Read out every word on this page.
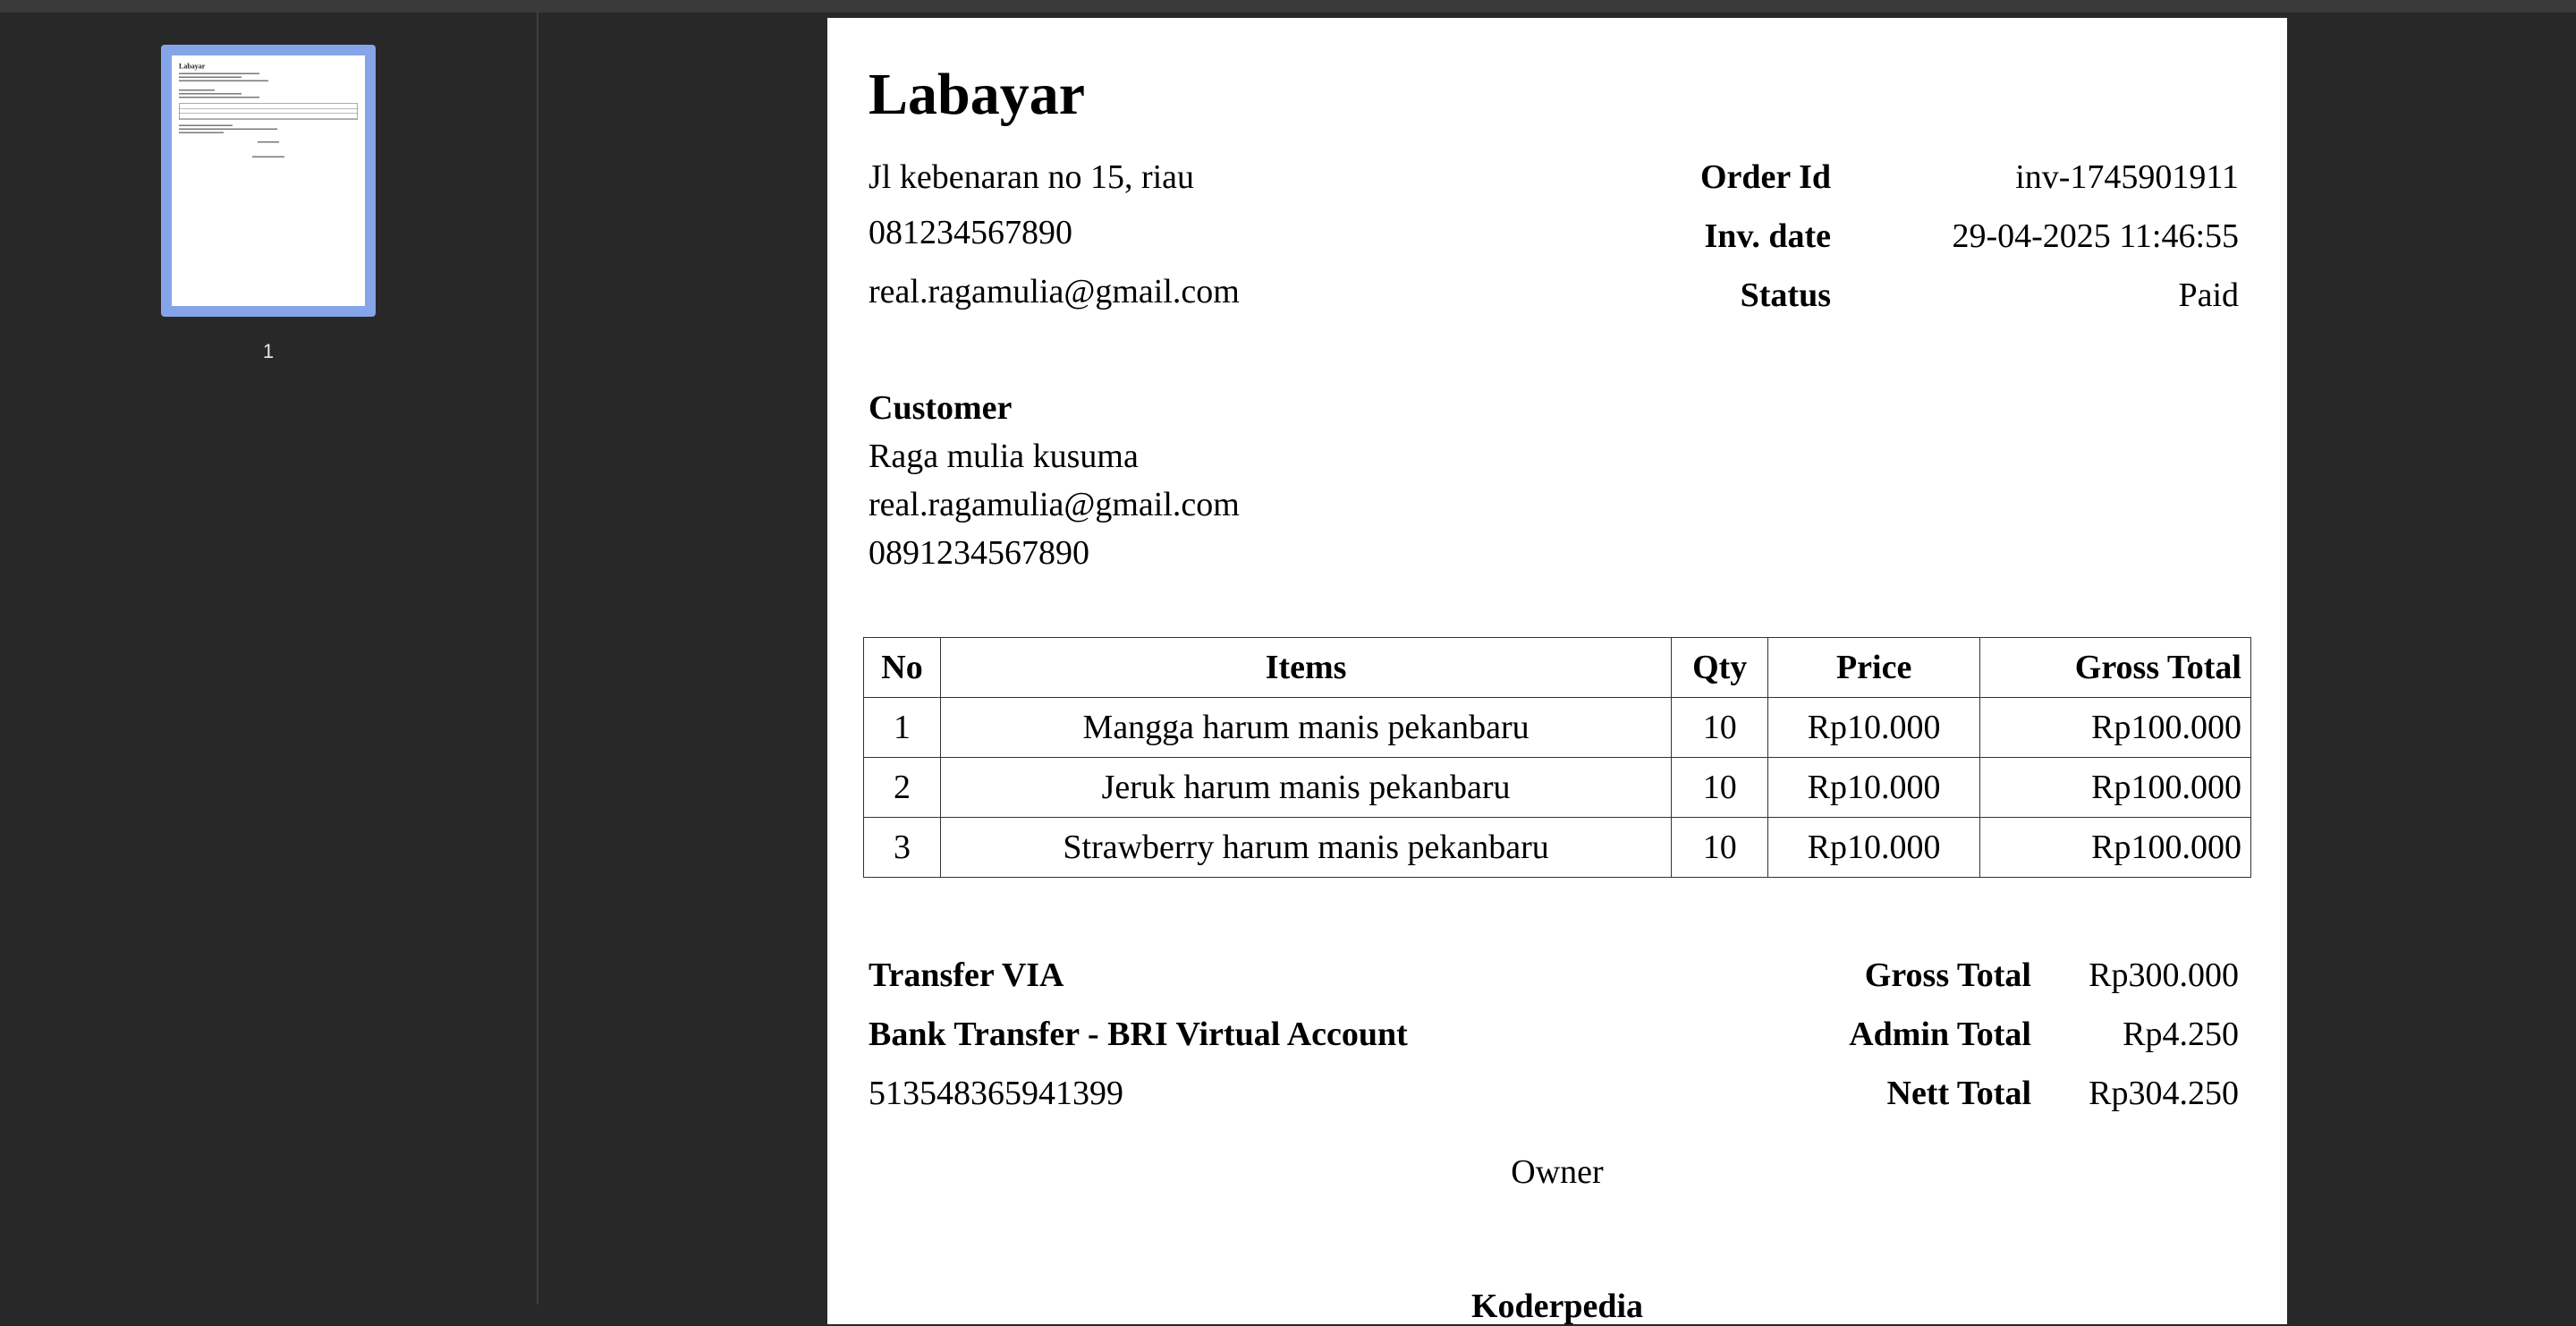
Labayar
1
Labayar
Jl kebenaran no 15, riau
081234567890
real.ragamulia@gmail.com
Order Id	inv-1745901911
Inv. date	29-04-2025 11:46:55
Status	Paid
Customer
Raga mulia kusuma
real.ragamulia@gmail.com
0891234567890
No	Items	Qty	Price	Gross Total
1	Mangga harum manis pekanbaru	10	Rp10.000	Rp100.000
2	Jeruk harum manis pekanbaru	10	Rp10.000	Rp100.000
3	Strawberry harum manis pekanbaru	10	Rp10.000	Rp100.000
Transfer VIA
Bank Transfer - BRI Virtual Account
513548365941399
Gross Total Rp300.000
Admin Total	Rp4.250
Nett Total Rp304.250
Owner
Koderpedia
